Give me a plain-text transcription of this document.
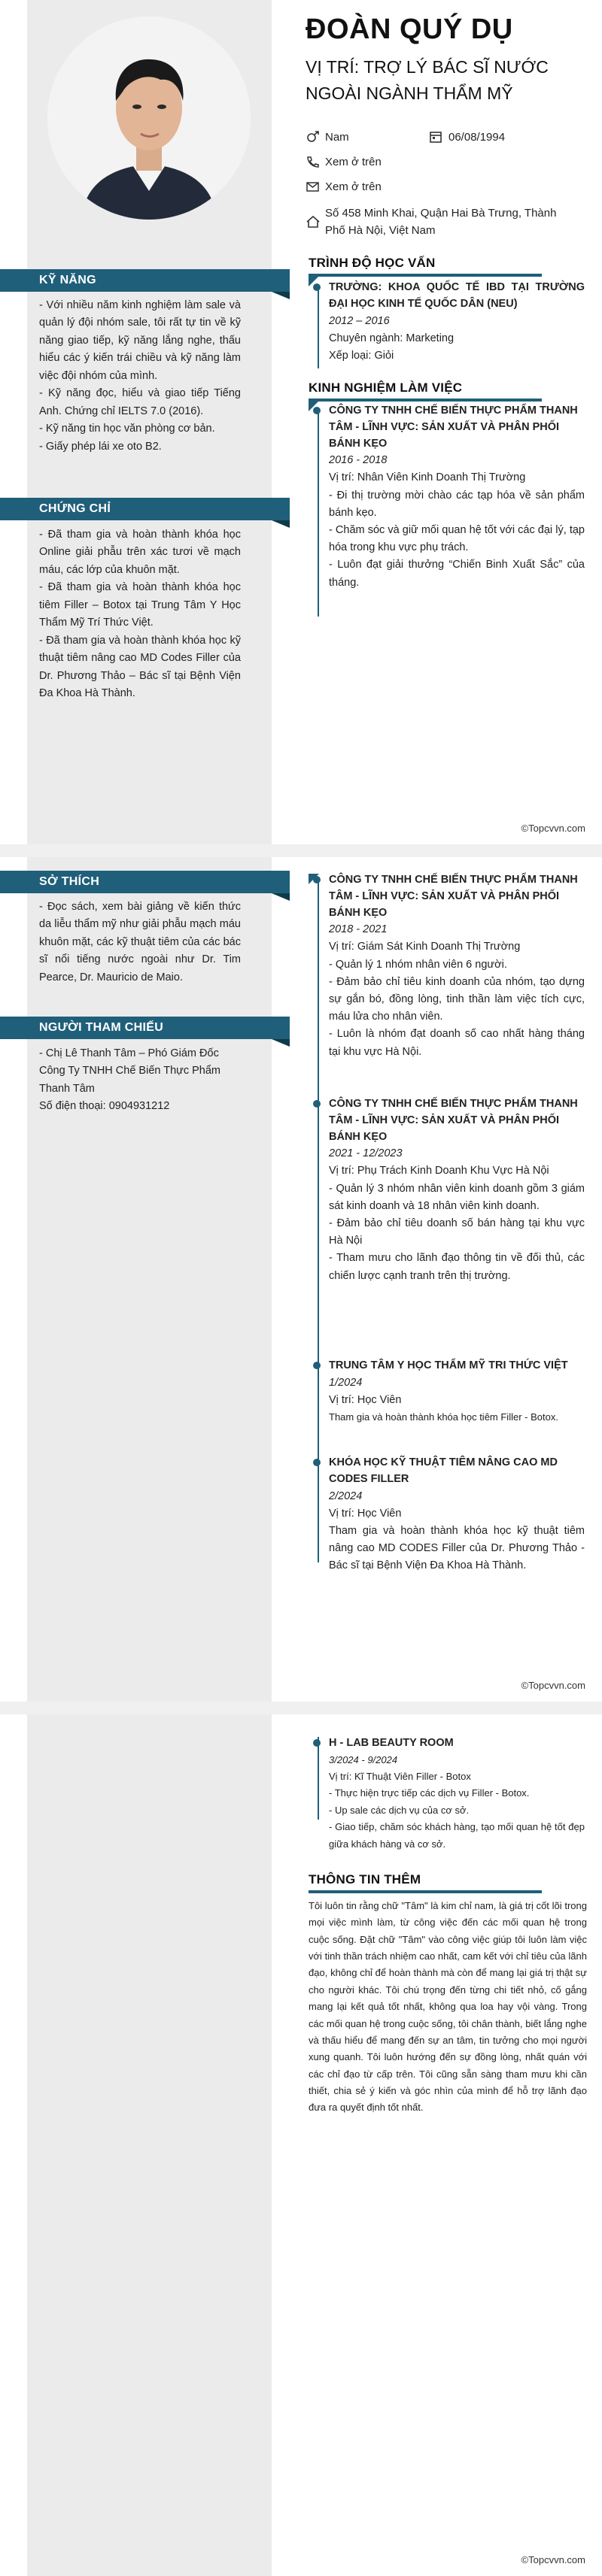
ĐOÀN QUÝ DỤ
VỊ TRÍ: TRỢ LÝ BÁC SĨ NƯỚC NGOÀI NGÀNH THẨM MỸ
Nam	06/08/1994
Xem ở trên
Xem ở trên
Số 458 Minh Khai, Quận Hai Bà Trưng, Thành Phố Hà Nội, Việt Nam
KỸ NĂNG
- Với nhiều năm kinh nghiệm làm sale và quản lý đội nhóm sale, tôi rất tự tin về kỹ năng giao tiếp, kỹ năng lắng nghe, thấu hiểu các ý kiến trái chiều và kỹ năng làm việc đội nhóm của mình.
- Kỹ năng đọc, hiểu và giao tiếp Tiếng Anh. Chứng chỉ IELTS 7.0 (2016).
- Kỹ năng tin học văn phòng cơ bản.
- Giấy phép lái xe oto B2.
CHỨNG CHỈ
- Đã tham gia và hoàn thành khóa học Online giải phẫu trên xác tươi về mạch máu, các lớp của khuôn mặt.
- Đã tham gia và hoàn thành khóa học tiêm Filler – Botox tại Trung Tâm Y Học Thẩm Mỹ Trí Thức Việt.
- Đã tham gia và hoàn thành khóa học kỹ thuật tiêm nâng cao MD Codes Filler của Dr. Phương Thảo – Bác sĩ tại Bệnh Viện Đa Khoa Hà Thành.
TRÌNH ĐỘ HỌC VẤN
TRƯỜNG: KHOA QUỐC TẾ IBD TẠI TRƯỜNG ĐẠI HỌC KINH TẾ QUỐC DÂN (NEU)
2012 – 2016
Chuyên ngành: Marketing
Xếp loại: Giỏi
KINH NGHIỆM LÀM VIỆC
CÔNG TY TNHH CHẾ BIẾN THỰC PHẨM THANH TÂM - LĨNH VỰC: SẢN XUẤT VÀ PHÂN PHỐI BÁNH KẸO
2016 - 2018
Vị trí: Nhân Viên Kinh Doanh Thị Trường
- Đi thị trường mời chào các tạp hóa về sản phẩm bánh kẹo.
- Chăm sóc và giữ mối quan hệ tốt với các đại lý, tạp hóa trong khu vực phụ trách.
- Luôn đạt giải thưởng “Chiến Binh Xuất Sắc” của tháng.
©Topcvvn.com
SỞ THÍCH
- Đọc sách, xem bài giảng về kiến thức da liễu thẩm mỹ như giải phẫu mạch máu khuôn mặt, các kỹ thuật tiêm của các bác sĩ nổi tiếng nước ngoài như Dr. Tim Pearce, Dr. Mauricio de Maio.
NGƯỜI THAM CHIẾU
- Chị Lê Thanh Tâm – Phó Giám Đốc Công Ty TNHH Chế Biến Thực Phẩm Thanh Tâm
Số điện thoại: 0904931212
CÔNG TY TNHH CHẾ BIẾN THỰC PHẨM THANH TÂM - LĨNH VỰC: SẢN XUẤT VÀ PHÂN PHỐI BÁNH KẸO
2018 - 2021
Vị trí: Giám Sát Kinh Doanh Thị Trường
- Quản lý 1 nhóm nhân viên 6 người.
- Đảm bảo chỉ tiêu kinh doanh của nhóm, tạo dựng sự gắn bó, đồng lòng, tinh thần làm việc tích cực, máu lửa cho nhân viên.
- Luôn là nhóm đạt doanh số cao nhất hàng tháng tại khu vực Hà Nội.
CÔNG TY TNHH CHẾ BIẾN THỰC PHẨM THANH TÂM - LĨNH VỰC: SẢN XUẤT VÀ PHÂN PHỐI BÁNH KẸO
2021 - 12/2023
Vị trí: Phụ Trách Kinh Doanh Khu Vực Hà Nội
- Quản lý 3 nhóm nhân viên kinh doanh gồm 3 giám sát kinh doanh và 18 nhân viên kinh doanh.
- Đảm bảo chỉ tiêu doanh số bán hàng tại khu vực Hà Nội
- Tham mưu cho lãnh đạo thông tin về đối thủ, các chiến lược cạnh tranh trên thị trường.
TRUNG TÂM Y HỌC THẨM MỸ TRI THỨC VIỆT
1/2024
Vị trí: Học Viên
Tham gia và hoàn thành khóa học tiêm Filler - Botox.
KHÓA HỌC KỸ THUẬT TIÊM NÂNG CAO MD CODES FILLER
2/2024
Vị trí: Học Viên
Tham gia và hoàn thành khóa học kỹ thuật tiêm nâng cao MD CODES Filler của Dr. Phương Thảo - Bác sĩ tại Bệnh Viện Đa Khoa Hà Thành.
©Topcvvn.com
H - LAB BEAUTY ROOM
3/2024 - 9/2024
Vị trí: Kĩ Thuật Viên Filler - Botox
- Thực hiện trực tiếp các dịch vụ Filler - Botox.
- Up sale các dịch vụ của cơ sở.
- Giao tiếp, chăm sóc khách hàng, tạo mối quan hệ tốt đẹp giữa khách hàng và cơ sở.
THÔNG TIN THÊM
Tôi luôn tin rằng chữ "Tâm" là kim chỉ nam, là giá trị cốt lõi trong mọi việc mình làm, từ công việc đến các mối quan hệ trong cuộc sống. Đặt chữ "Tâm" vào công việc giúp tôi luôn làm việc với tinh thần trách nhiệm cao nhất, cam kết với chỉ tiêu của lãnh đạo, không chỉ để hoàn thành mà còn để mang lại giá trị thật sự cho người khác. Tôi chú trọng đến từng chi tiết nhỏ, cố gắng mang lại kết quả tốt nhất, không qua loa hay vội vàng. Trong các mối quan hệ trong cuộc sống, tôi chân thành, biết lắng nghe và thấu hiểu để mang đến sự an tâm, tin tưởng cho mọi người xung quanh. Tôi luôn hướng đến sự đồng lòng, nhất quán với các chỉ đạo từ cấp trên. Tôi cũng sẵn sàng tham mưu khi cần thiết, chia sẻ ý kiến và góc nhìn của mình để hỗ trợ lãnh đạo đưa ra quyết định tốt nhất.
©Topcvvn.com
